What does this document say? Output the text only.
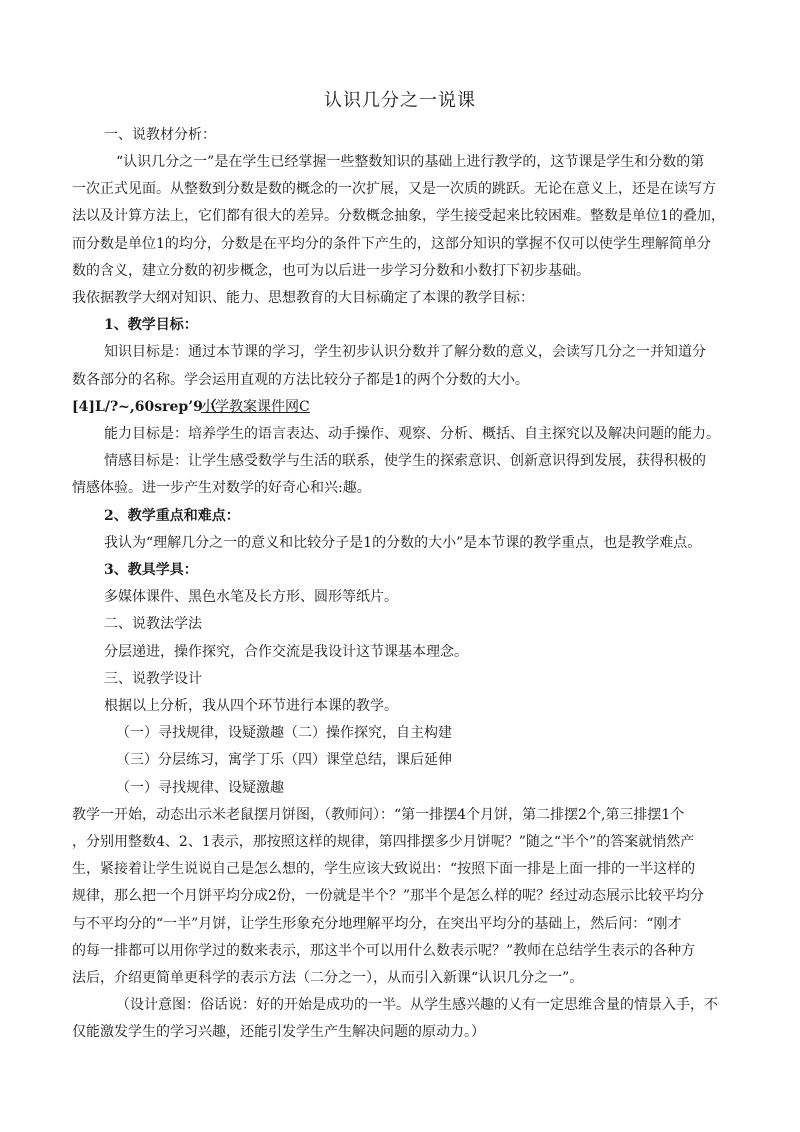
认识几分之一说课
一、说教材分析：
“认识几分之一”是在学生已经掌握一些整数知识的基础上进行教学的，这节课是学生和分数的第
一次正式见面。从整数到分数是数的概念的一次扩展，又是一次质的跳跃。无论在意义上，还是在读写方
法以及计算方法上，它们都有很大的差异。分数概念抽象，学生接受起来比较困难。整数是单位1的叠加，
而分数是单位1的均分，分数是在平均分的条件下产生的，这部分知识的掌握不仅可以使学生理解简单分
数的含义，建立分数的初步概念，也可为以后进一步学习分数和小数打下初步基础。
我依据教学大纲对知识、能力、思想教育的大目标确定了本课的教学目标：
1、教学目标：
知识目标是：通过本节课的学习，学生初步认识分数并了解分数的意义，会读写几分之一并知道分
数各部分的名称。学会运用直观的方法比较分子都是1的两个分数的大小。
[4]L/?~,60srep’9（
小学教案课件网C
能力目标是：培养学生的语言表达、动手操作、观察、分析、概括、自主探究以及解决问题的能力。
情感目标是：让学生感受数学与生活的联系，使学生的探索意识、创新意识得到发展，获得积极的
情感体验。进一步产生对数学的好奇心和兴:趣。
2、教学重点和难点：
我认为“理解几分之一的意义和比较分子是1的分数的大小”是本节课的教学重点，也是教学难点。
3、教具学具：
多媒体课件、黑色水笔及长方形、圆形等纸片。
二、说教法学法
分层递进，操作探究，合作交流是我设计这节课基本理念。
三、说教学设计
根据以上分析，我从四个环节进行本课的教学。
（一）寻找规律，设疑激趣（二）操作探究，自主构建
（三）分层练习，寓学丁乐（四）课堂总结，课后延伸
（一）寻找规律、设疑激趣
教学一开始，动态出示米老鼠摆月饼图，（教师问）：“第一排摆4个月饼，第二排摆2个,第三排摆1个
，分别用整数4、2、1表示，那按照这样的规律，第四排摆多少月饼呢？”随之“半个”的答案就悄然产
生，紧接着让学生说说自己是怎么想的，学生应该大致说出：“按照下面一排是上面一排的一半这样的
规律，那么把一个月饼平均分成2份，一份就是半个？”那半个是怎么样的呢？经过动态展示比较平均分
与不平均分的“一半”月饼，让学生形象充分地理解平均分，在突出平均分的基础上，然后问：“刚才
的每一排都可以用你学过的数来表示，那这半个可以用什么数表示呢？”教师在总结学生表示的各种方
法后，介绍更简单更科学的表示方法（二分之一），从而引入新课“认识几分之一”。
（设计意图：俗话说：好的开始是成功的一半。从学生感兴趣的乂有一定思维含量的情景入手，不
仅能激发学生的学习兴趣，还能引发学生产生解决问题的原动力。）
